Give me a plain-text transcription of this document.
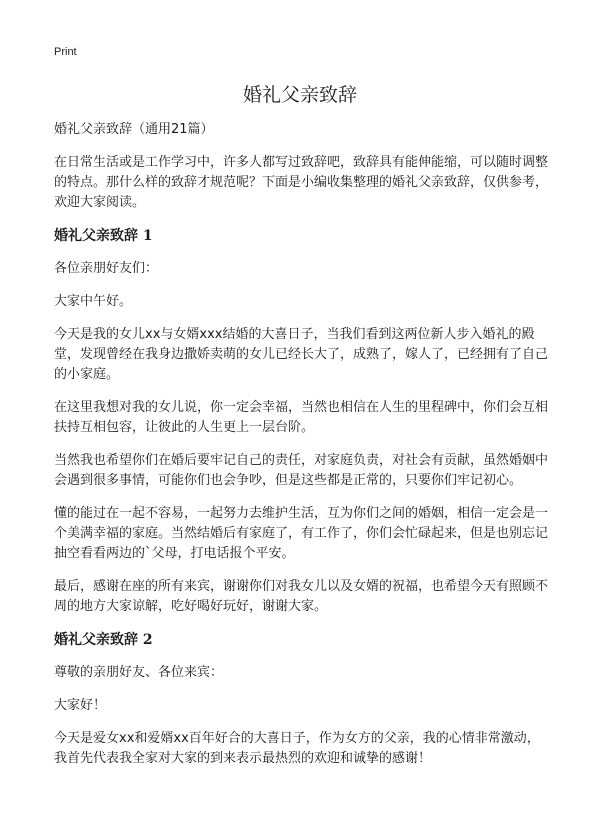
Print
婚礼父亲致辞

婚礼父亲致辞（通用21篇）

在日常生活或是工作学习中，许多人都写过致辞吧，致辞具有能伸能缩，可以随时调整的特点。那什么样的致辞才规范呢？下面是小编收集整理的婚礼父亲致辞，仅供参考，欢迎大家阅读。

婚礼父亲致辞 1

各位亲朋好友们：

大家中午好。

今天是我的女儿xx与女婿xxx结婚的大喜日子，当我们看到这两位新人步入婚礼的殿堂，发现曾经在我身边撒娇卖萌的女儿已经长大了，成熟了，嫁人了，已经拥有了自己的小家庭。

在这里我想对我的女儿说，你一定会幸福，当然也相信在人生的里程碑中，你们会互相扶持互相包容，让彼此的人生更上一层台阶。

当然我也希望你们在婚后要牢记自己的责任，对家庭负责，对社会有贡献，虽然婚姻中会遇到很多事情，可能你们也会争吵，但是这些都是正常的，只要你们牢记初心。

懂的能过在一起不容易，一起努力去维护生活，互为你们之间的婚姻，相信一定会是一个美满幸福的家庭。当然结婚后有家庭了，有工作了，你们会忙碌起来，但是也别忘记抽空看看两边的`父母，打电话报个平安。

最后，感谢在座的所有来宾，谢谢你们对我女儿以及女婿的祝福，也希望今天有照顾不周的地方大家谅解，吃好喝好玩好，谢谢大家。

婚礼父亲致辞 2

尊敬的亲朋好友、各位来宾：

大家好！

今天是爱女xx和爱婿xx百年好合的大喜日子，作为女方的父亲，我的心情非常激动，我首先代表我全家对大家的到来表示最热烈的欢迎和诚挚的感谢！
